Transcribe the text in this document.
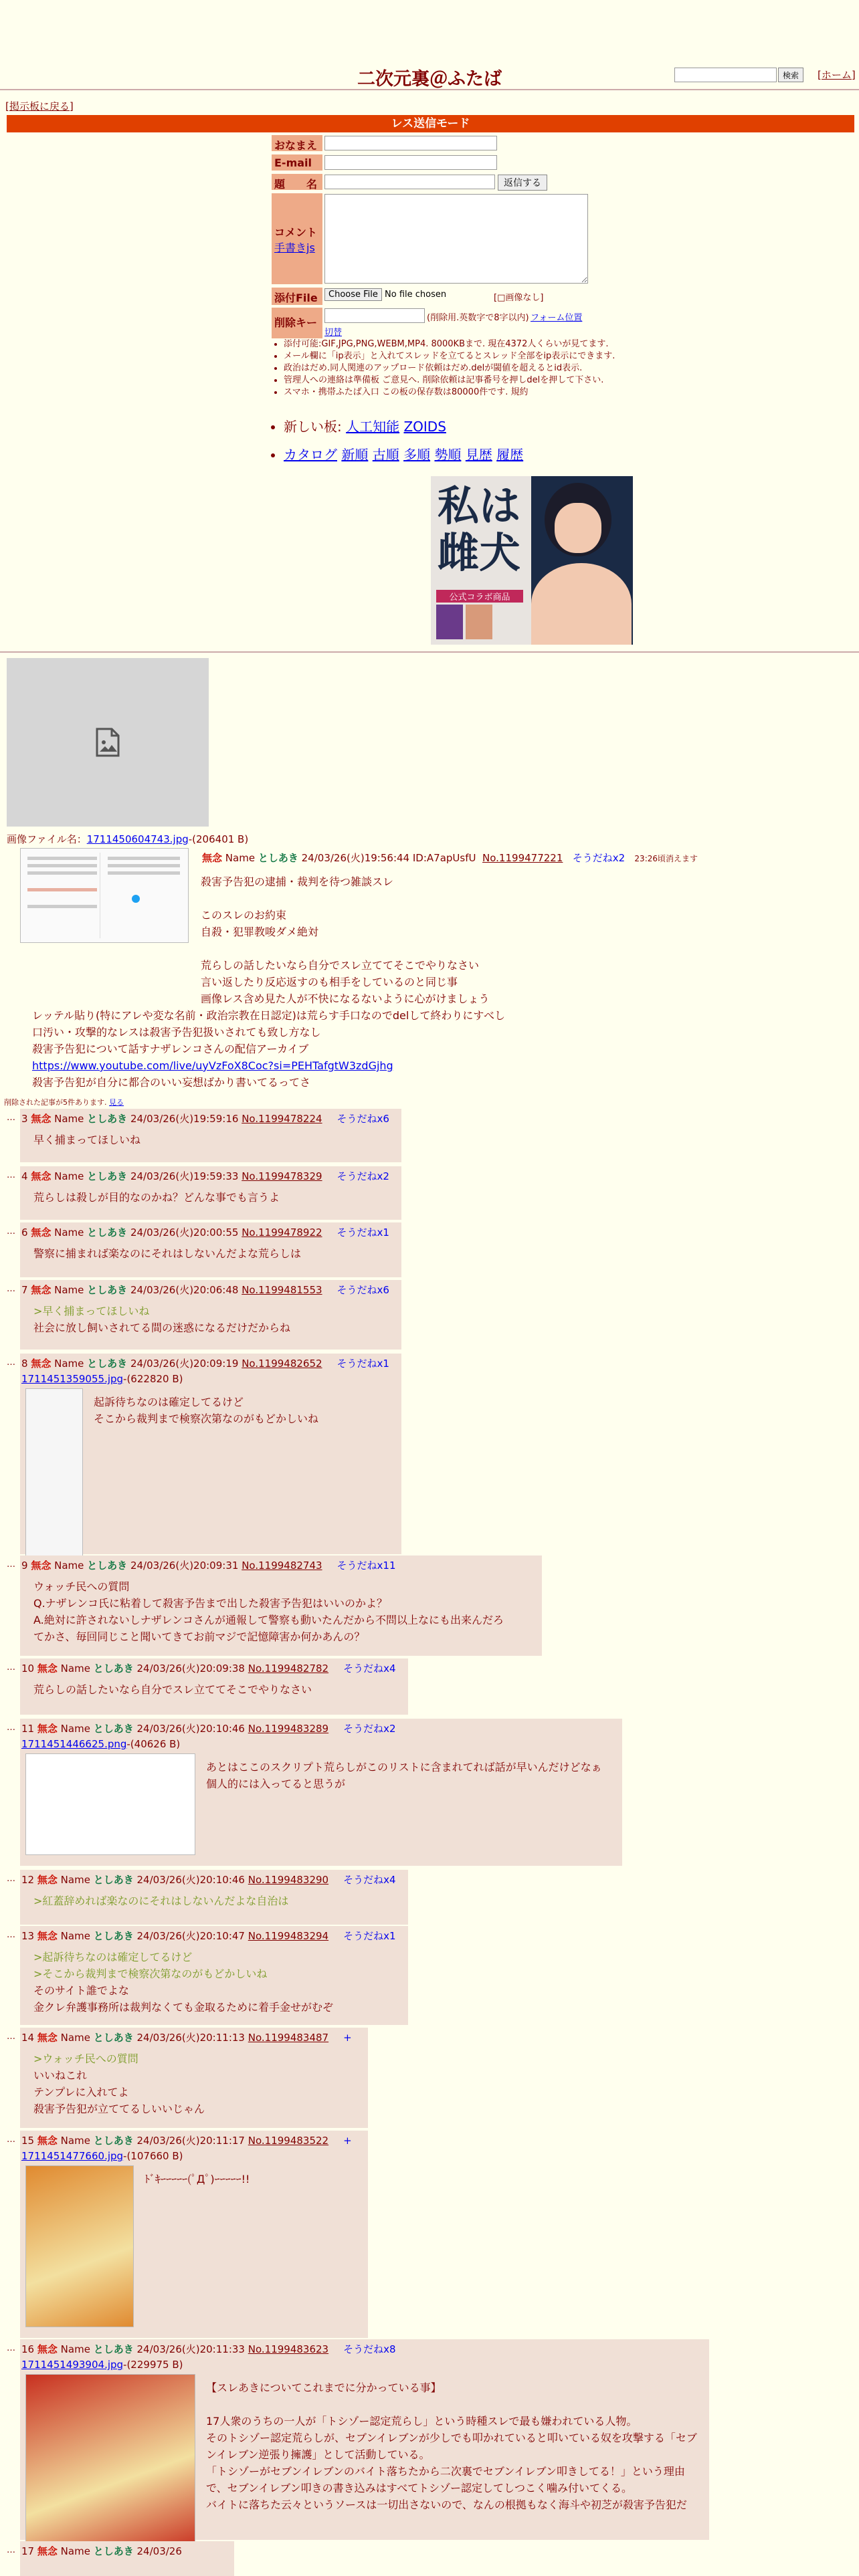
二次元裏＠ふたば	検索	[ホーム]
[掲示板に戻る]
レス送信モード
おなまえ
E-mail
題　　名	返信する
コメント
手書きjs
添付File	Choose File No file chosen	[□画像なし]
削除キー	(削除用.英数字で8字以内) フォーム位置
切替
• 添付可能:GIF,JPG,PNG,WEBM,MP4. 8000KBまで. 現在4372人くらいが見てます.
• メール欄に「ip表示」と入れてスレッドを立てるとスレッド全部をip表示にできます.
• 政治はだめ.同人関連のアップロード依頼はだめ.delが閾値を超えるとid表示.
• 管理人への連絡は準備板 ご意見へ. 削除依頼は記事番号を押しdelを押して下さい.
• スマホ・携帯ふたば入口 この板の保存数は80000件です. 規約
• 新しい板: 人工知能 ZOIDS
• カタログ 新順 古順 多順 勢順 見歴 履歴
私は
雌犬
公式コラボ商品
画像ファイル名：1711450604743.jpg-(206401 B)
無念 Name としあき 24/03/26(火)19:56:44 ID:A7apUsfU No.1199477221 そうだねx2 23:26頃消えます
殺害予告犯の逮捕・裁判を待つ雑談スレ
このスレのお約束
自殺・犯罪教唆ダメ絶対
荒らしの話したいなら自分でスレ立ててそこでやりなさい
言い返したり反応返すのも相手をしているのと同じ事
画像レス含め見た人が不快になるないように心がけましょう
レッテル貼り(特にアレや変な名前・政治宗教在日認定)は荒らす手口なのでdelして終わりにすべし
口汚い・攻撃的なレスは殺害予告犯扱いされても致し方なし
殺害予告犯について話すナザレンコさんの配信アーカイブ
https://www.youtube.com/live/uyVzFoX8Coc?si=PEHTafgtW3zdGjhg
殺害予告犯が自分に都合のいい妄想ばかり書いてるってさ
削除された記事が5件あります. 見る
… 3 無念 Name としあき 24/03/26(火)19:59:16 No.1199478224 そうだねx6
早く捕まってほしいね
… 4 無念 Name としあき 24/03/26(火)19:59:33 No.1199478329 そうだねx2
荒らしは殺しが目的なのかね？どんな事でも言うよ
… 6 無念 Name としあき 24/03/26(火)20:00:55 No.1199478922 そうだねx1
警察に捕まれば楽なのにそれはしないんだよな荒らしは
… 7 無念 Name としあき 24/03/26(火)20:06:48 No.1199481553 そうだねx6
>早く捕まってほしいね
社会に放し飼いされてる間の迷惑になるだけだからね
… 8 無念 Name としあき 24/03/26(火)20:09:19 No.1199482652 そうだねx1
1711451359055.jpg-(622820 B)
起訴待ちなのは確定してるけど
そこから裁判まで検察次第なのがもどかしいね
… 9 無念 Name としあき 24/03/26(火)20:09:31 No.1199482743 そうだねx11
ウォッチ民への質問
Q.ナザレンコ氏に粘着して殺害予告まで出した殺害予告犯はいいのかよ？
A.絶対に許されないしナザレンコさんが通報して警察も動いたんだから不問以上なにも出来んだろ
てかさ、毎回同じこと聞いてきてお前マジで記憶障害か何かあんの？
… 10 無念 Name としあき 24/03/26(火)20:09:38 No.1199482782 そうだねx4
荒らしの話したいなら自分でスレ立ててそこでやりなさい
… 11 無念 Name としあき 24/03/26(火)20:10:46 No.1199483289 そうだねx2
1711451446625.png-(40626 B)
あとはここのスクリプト荒らしがこのリストに含まれてれば話が早いんだけどなぁ
個人的には入ってると思うが
… 12 無念 Name としあき 24/03/26(火)20:10:46 No.1199483290 そうだねx4
>紅蓋辞めれば楽なのにそれはしないんだよな自治は
… 13 無念 Name としあき 24/03/26(火)20:10:47 No.1199483294 そうだねx1
>起訴待ちなのは確定してるけど
>そこから裁判まで検察次第なのがもどかしいね
そのサイト誰でよな
金クレ弁護事務所は裁判なくても金取るために着手金せがむぞ
… 14 無念 Name としあき 24/03/26(火)20:11:13 No.1199483487 +
>ウォッチ民への質問
いいねこれ
テンプレに入れてよ
殺害予告犯が立ててるしいいじゃん
… 15 無念 Name としあき 24/03/26(火)20:11:17 No.1199483522 +
1711451477660.jpg-(107660 B)
ﾄﾞｷｰｰｰｰｰ(ﾟДﾟ)ｰｰｰｰｰ!!
… 16 無念 Name としあき 24/03/26(火)20:11:33 No.1199483623 そうだねx8
1711451493904.jpg-(229975 B)
【スレあきについてこれまでに分かっている事】
17人衆のうちの一人が「トシゾー認定荒らし」という時種スレで最も嫌われている人物。
そのトシゾー認定荒らしが、セブンイレブンが少しでも叩かれていると叩いている奴を攻撃する「セブンイレブン逆張り擁護」として活動している。
「トシゾーがセブンイレブンのバイト落ちたから二次裏でセブンイレブン叩きしてる！」という理由で、セブンイレブン叩きの書き込みはすべてトシゾー認定してしつこく噛み付いてくる。
バイトに落ちた云々というソースは一切出さないので、なんの根拠もなく海斗や初芝が殺害予告犯だ
… 17 無念 Name としあき 24/03/26
